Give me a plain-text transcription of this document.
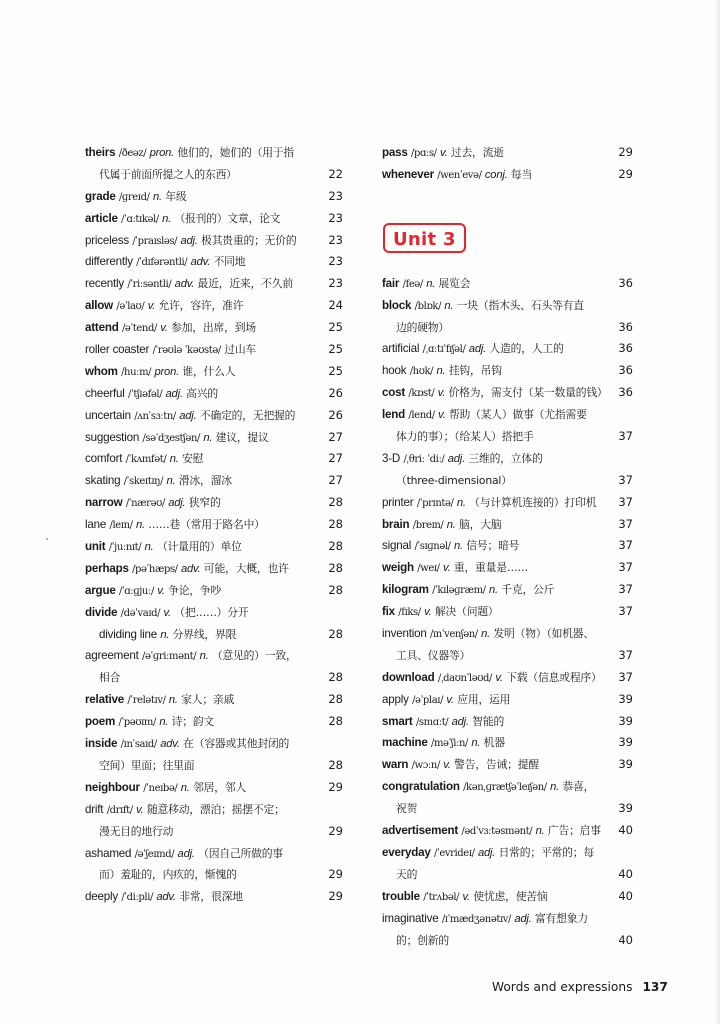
theirs /ðeəz/ pron. 他们的，她们的（用于指
代属于前面所提之人的东西）	22
grade /ɡreɪd/ n. 年级	23
article /ˈɑːtɪkəl/ n. （报刊的）文章，论文	23
priceless /ˈpraɪsləs/ adj. 极其贵重的；无价的	23
differently /ˈdɪfərəntli/ adv. 不同地	23
recently /ˈriːsəntli/ adv. 最近，近来，不久前	23
allow /əˈlaʊ/ v. 允许，容许，准许	24
attend /əˈtend/ v. 参加，出席，到场	25
roller coaster /ˈrəʊlə ˈkəʊstə/ 过山车	25
whom /huːm/ pron. 谁，什么人	25
cheerful /ˈtʃɪəfəl/ adj. 高兴的	26
uncertain /ʌnˈsɜːtn/ adj. 不确定的，无把握的	26
suggestion /səˈdʒestʃən/ n. 建议，提议	27
comfort /ˈkʌmfət/ n. 安慰	27
skating /ˈskeɪtɪŋ/ n. 滑冰，溜冰	27
narrow /ˈnærəʊ/ adj. 狭窄的	28
lane /leɪn/ n. ……巷（常用于路名中）	28
unit /ˈjuːnɪt/ n. （计量用的）单位	28
perhaps /pəˈhæps/ adv. 可能，大概，也许	28
argue /ˈɑːɡjuː/ v. 争论，争吵	28
divide /dəˈvaɪd/ v. （把……）分开
dividing line n. 分界线，界限	28
agreement /əˈɡriːmənt/ n. （意见的）一致，
相合	28
relative /ˈrelətɪv/ n. 家人；亲戚	28
poem /ˈpəʊɪm/ n. 诗；韵文	28
inside /ɪnˈsaɪd/ adv. 在（容器或其他封闭的
空间）里面；往里面	28
neighbour /ˈneɪbə/ n. 邻居，邻人	29
drift /drɪft/ v. 随意移动，漂泊；摇摆不定；
漫无目的地行动	29
ashamed /əˈʃeɪmd/ adj. （因自己所做的事
而）羞耻的，内疚的，惭愧的	29
deeply /ˈdiːpli/ adv. 非常，很深地	29
pass /pɑːs/ v. 过去，流逝	29
whenever /wenˈevə/ conj. 每当	29
Unit 3
fair /feə/ n. 展览会	36
block /blɒk/ n. 一块（指木头、石头等有直
边的硬物）	36
artificial /ˌɑːtɪˈfɪʃəl/ adj. 人造的，人工的	36
hook /hʊk/ n. 挂钩，吊钩	36
cost /kɒst/ v. 价格为，需支付（某一数量的钱） 36
lend /lend/ v. 帮助（某人）做事（尤指需要
体力的事）；（给某人）搭把手	37
3-D /ˌθriː ˈdiː/ adj. 三维的，立体的
（three-dimensional）	37
printer /ˈprɪntə/ n. （与计算机连接的）打印机 37
brain /breɪn/ n. 脑，大脑	37
signal /ˈsɪɡnəl/ n. 信号；暗号	37
weigh /weɪ/ v. 重，重量是……	37
kilogram /ˈkɪləɡræm/ n. 千克，公斤	37
fix /fɪks/ v. 解决（问题）	37
invention /ɪnˈvenʃən/ n. 发明（物）（如机器、
工具、仪器等）	37
download /ˌdaʊnˈləʊd/ v. 下载（信息或程序） 37
apply /əˈplaɪ/ v. 应用，运用	39
smart /smɑːt/ adj. 智能的	39
machine /məˈʃiːn/ n. 机器	39
warn /wɔːn/ v. 警告，告诫；提醒	39
congratulation /kənˌɡrætʃəˈleɪʃən/ n. 恭喜，
祝贺	39
advertisement /ədˈvɜːtəsmənt/ n. 广告；启事 40
everyday /ˈevrideɪ/ adj. 日常的；平常的；每
天的	40
trouble /ˈtrʌbəl/ v. 使忧虑，使苦恼	40
imaginative /ɪˈmædʒənətɪv/ adj. 富有想象力
的；创新的	40
Words and expressions 137
